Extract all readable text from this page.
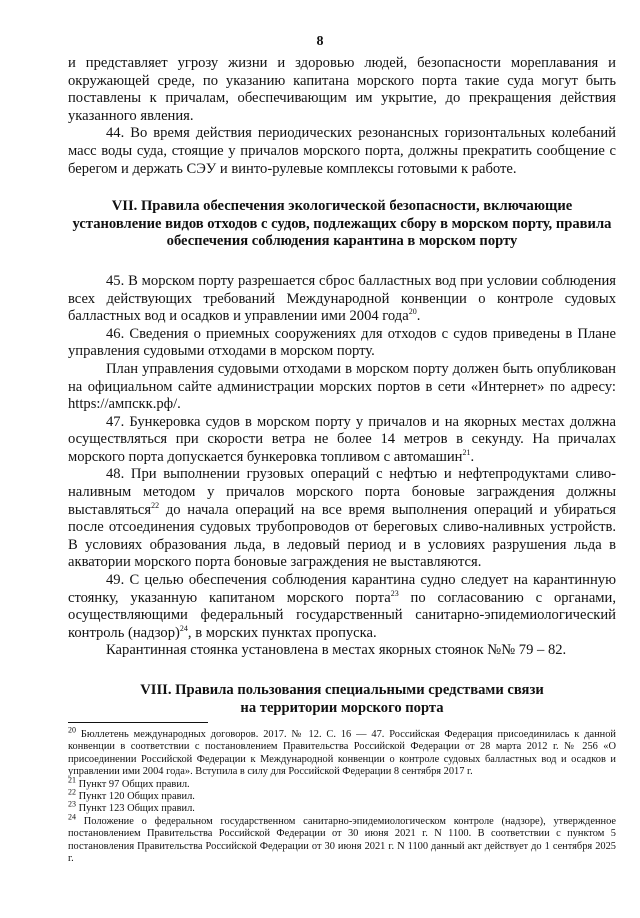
8

и представляет угрозу жизни и здоровью людей, безопасности мореплавания и окружающей среде, по указанию капитана морского порта такие суда могут быть поставлены к причалам, обеспечивающим им укрытие, до прекращения действия указанного явления.

44. Во время действия периодических резонансных горизонтальных колебаний масс воды суда, стоящие у причалов морского порта, должны прекратить сообщение с берегом и держать СЭУ и винто-рулевые комплексы готовыми к работе.

VII. Правила обеспечения экологической безопасности, включающие установление видов отходов с судов, подлежащих сбору в морском порту, правила обеспечения соблюдения карантина в морском порту

45. В морском порту разрешается сброс балластных вод при условии соблюдения всех действующих требований Международной конвенции о контроле судовых балластных вод и осадков и управлении ими 2004 года$^{20}$.

46. Сведения о приемных сооружениях для отходов с судов приведены в Плане управления судовыми отходами в морском порту.

План управления судовыми отходами в морском порту должен быть опубликован на официальном сайте администрации морских портов в сети «Интернет» по адресу: https://ампскк.рф/.

47. Бункеровка судов в морском порту у причалов и на якорных местах должна осуществляться при скорости ветра не более 14 метров в секунду. На причалах морского порта допускается бункеровка топливом с автомашин$^{21}$.

48. При выполнении грузовых операций с нефтью и нефтепродуктами сливо-наливным методом у причалов морского порта боновые заграждения должны выставляться$^{22}$ до начала операций на все время выполнения операций и убираться после отсоединения судовых трубопроводов от береговых сливо-наливных устройств. В условиях образования льда, в ледовый период и в условиях разрушения льда в акватории морского порта боновые заграждения не выставляются.

49. С целью обеспечения соблюдения карантина судно следует на карантинную стоянку, указанную капитаном морского порта$^{23}$ по согласованию с органами, осуществляющими федеральный государственный санитарно-эпидемиологический контроль (надзор)$^{24}$, в морских пунктах пропуска.

Карантинная стоянка установлена в местах якорных стоянок №№ 79 – 82.

VIII. Правила пользования специальными средствами связи
на территории морского порта

$^{20}$ Бюллетень международных договоров. 2017. № 12. С. 16 — 47. Российская Федерация присоединилась к данной конвенции в соответствии с постановлением Правительства Российской Федерации от 28 марта 2012 г. № 256 «О присоединении Российской Федерации к Международной конвенции о контроле судовых балластных вод и осадков и управлении ими 2004 года». Вступила в силу для Российской Федерации 8 сентября 2017 г.

$^{21}$ Пункт 97 Общих правил.

$^{22}$ Пункт 120 Общих правил.

$^{23}$ Пункт 123 Общих правил.

$^{24}$ Положение о федеральном государственном санитарно-эпидемиологическом контроле (надзоре), утвержденное постановлением Правительства Российской Федерации от 30 июня 2021 г. N 1100. В соответствии с пунктом 5 постановления Правительства Российской Федерации от 30 июня 2021 г. N 1100 данный акт действует до 1 сентября 2025 г.
